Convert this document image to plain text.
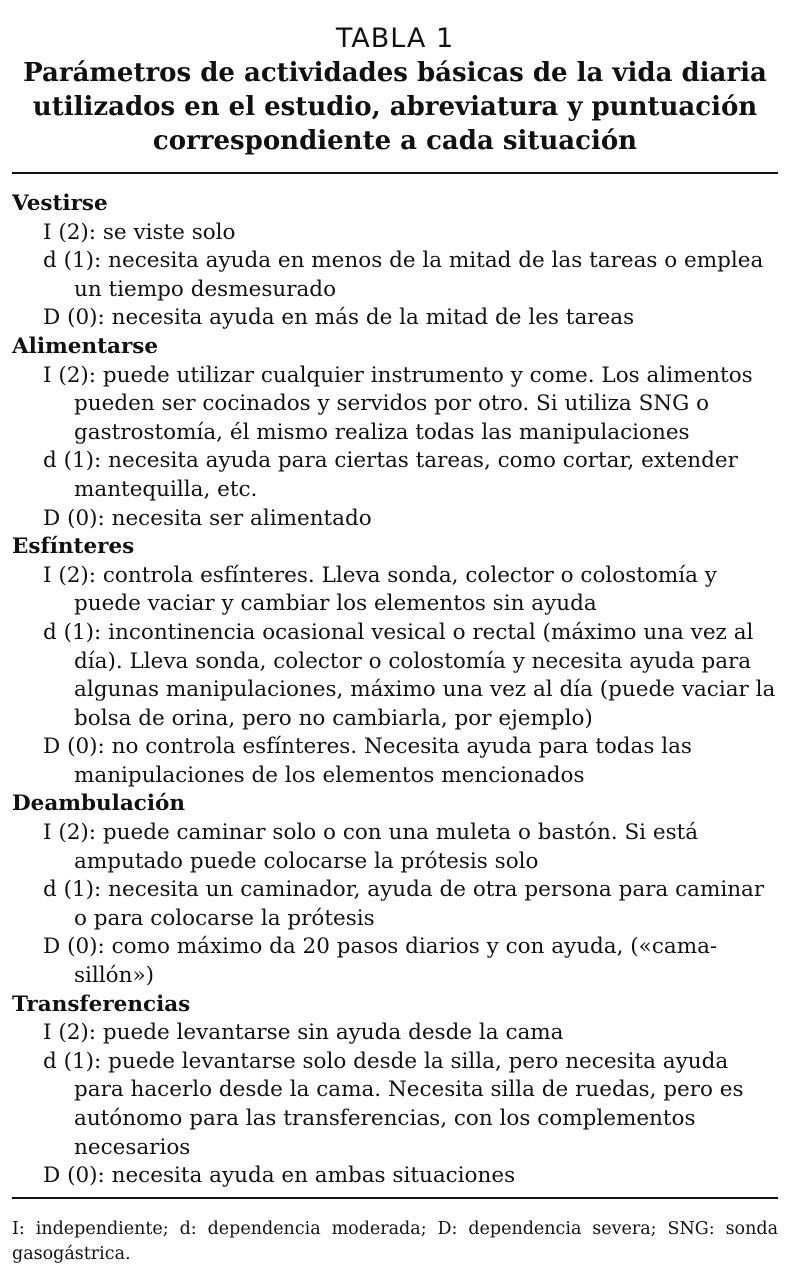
TABLA 1
Parámetros de actividades básicas de la vida diaria utilizados en el estudio, abreviatura y puntuación correspondiente a cada situación
Vestirse
I (2): se viste solo
d (1): necesita ayuda en menos de la mitad de las tareas o emplea un tiempo desmesurado
D (0): necesita ayuda en más de la mitad de les tareas
Alimentarse
I (2): puede utilizar cualquier instrumento y come. Los alimentos pueden ser cocinados y servidos por otro. Si utiliza SNG o gastrostomía, él mismo realiza todas las manipulaciones
d (1): necesita ayuda para ciertas tareas, como cortar, extender mantequilla, etc.
D (0): necesita ser alimentado
Esfínteres
I (2): controla esfínteres. Lleva sonda, colector o colostomía y puede vaciar y cambiar los elementos sin ayuda
d (1): incontinencia ocasional vesical o rectal (máximo una vez al día). Lleva sonda, colector o colostomía y necesita ayuda para algunas manipulaciones, máximo una vez al día (puede vaciar la bolsa de orina, pero no cambiarla, por ejemplo)
D (0): no controla esfínteres. Necesita ayuda para todas las manipulaciones de los elementos mencionados
Deambulación
I (2): puede caminar solo o con una muleta o bastón. Si está amputado puede colocarse la prótesis solo
d (1): necesita un caminador, ayuda de otra persona para caminar o para colocarse la prótesis
D (0): como máximo da 20 pasos diarios y con ayuda, («cama-sillón»)
Transferencias
I (2): puede levantarse sin ayuda desde la cama
d (1): puede levantarse solo desde la silla, pero necesita ayuda para hacerlo desde la cama. Necesita silla de ruedas, pero es autónomo para las transferencias, con los complementos necesarios
D (0): necesita ayuda en ambas situaciones
I: independiente; d: dependencia moderada; D: dependencia severa; SNG: sonda gasogástrica.
